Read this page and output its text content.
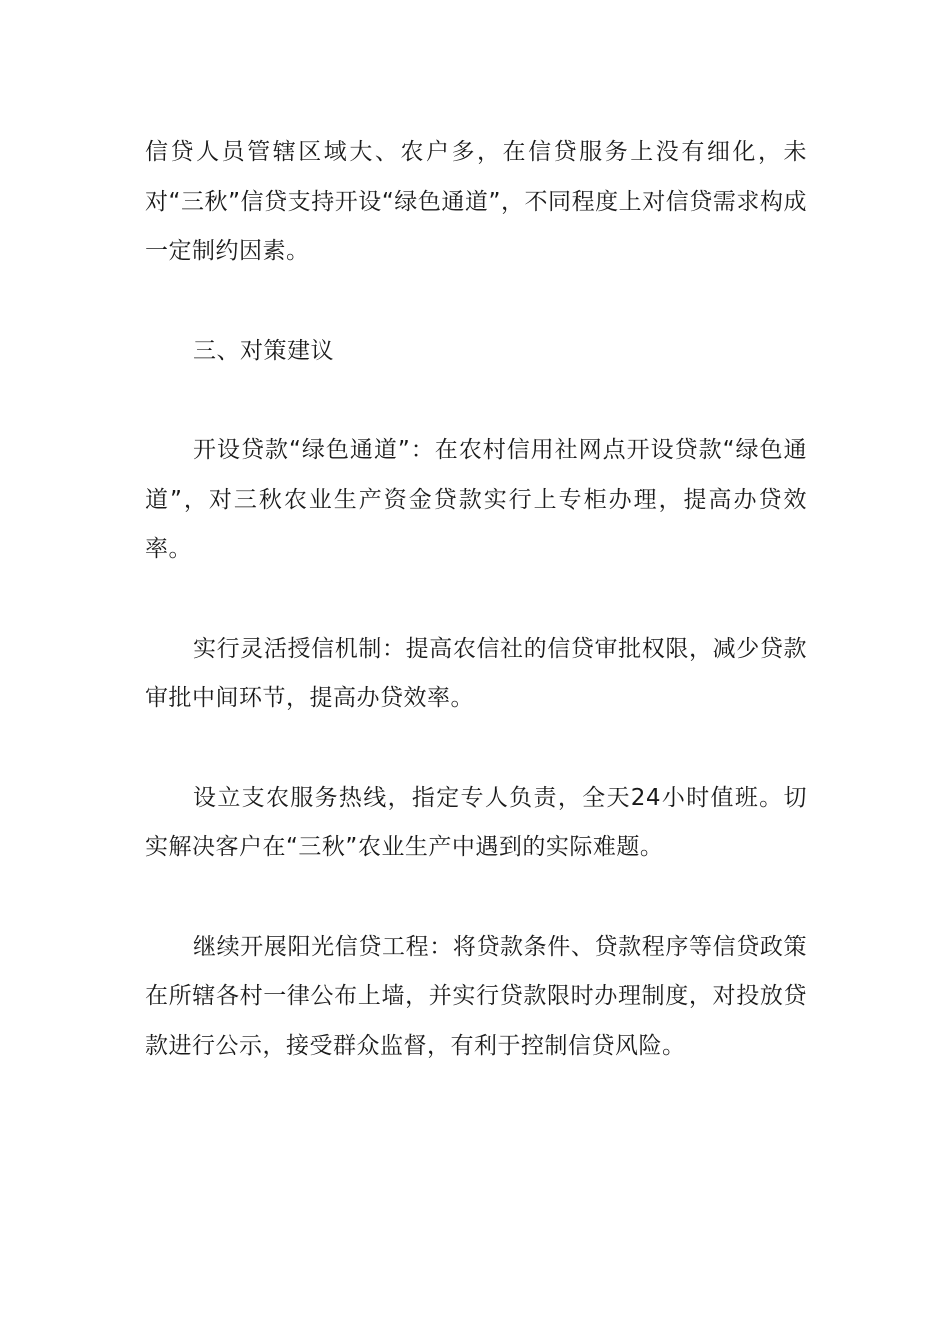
信贷人员管辖区域大、农户多，在信贷服务上没有细化，未对“三秋”信贷支持开设“绿色通道”，不同程度上对信贷需求构成一定制约因素。

三、对策建议

开设贷款“绿色通道”：在农村信用社网点开设贷款“绿色通道”，对三秋农业生产资金贷款实行上专柜办理，提高办贷效率。

实行灵活授信机制：提高农信社的信贷审批权限，减少贷款审批中间环节，提高办贷效率。

设立支农服务热线，指定专人负责，全天24小时值班。切实解决客户在“三秋”农业生产中遇到的实际难题。

继续开展阳光信贷工程：将贷款条件、贷款程序等信贷政策在所辖各村一律公布上墙，并实行贷款限时办理制度，对投放贷款进行公示，接受群众监督，有利于控制信贷风险。
